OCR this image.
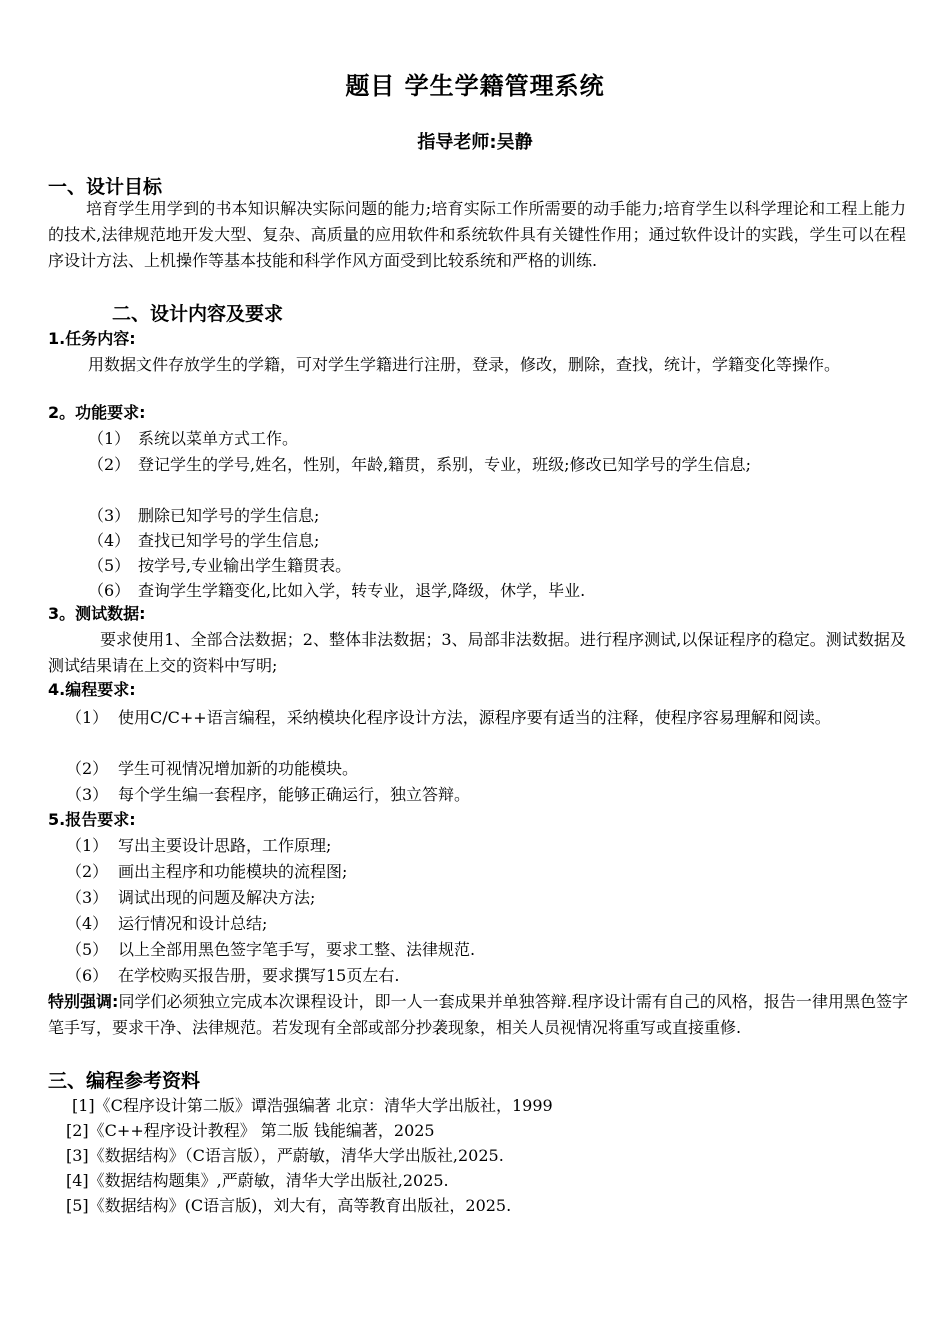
题目 学生学籍管理系统
指导老师:吴静
一、设计目标
培育学生用学到的书本知识解决实际问题的能力;培育实际工作所需要的动手能力;培育学生以科学理论和工程上能力的技术,法律规范地开发大型、复杂、高质量的应用软件和系统软件具有关键性作用；通过软件设计的实践，学生可以在程序设计方法、上机操作等基本技能和科学作风方面受到比较系统和严格的训练.
二、设计内容及要求
1.任务内容:
用数据文件存放学生的学籍，可对学生学籍进行注册，登录，修改，删除，查找，统计，学籍变化等操作。
2。功能要求:
（1） 系统以菜单方式工作。
（2） 登记学生的学号,姓名，性别，年龄,籍贯，系别，专业，班级;修改已知学号的学生信息;
（3） 删除已知学号的学生信息;
（4） 查找已知学号的学生信息;
（5） 按学号,专业输出学生籍贯表。
（6） 查询学生学籍变化,比如入学，转专业，退学,降级，休学，毕业.
3。测试数据:
要求使用1、全部合法数据；2、整体非法数据；3、局部非法数据。进行程序测试,以保证程序的稳定。测试数据及测试结果请在上交的资料中写明;
4.编程要求:
（1） 使用C/C++语言编程，采纳模块化程序设计方法，源程序要有适当的注释，使程序容易理解和阅读。
（2） 学生可视情况增加新的功能模块。
（3） 每个学生编一套程序，能够正确运行，独立答辩。
5.报告要求:
（1） 写出主要设计思路，工作原理;
（2） 画出主程序和功能模块的流程图;
（3） 调试出现的问题及解决方法;
（4） 运行情况和设计总结;
（5） 以上全部用黑色签字笔手写，要求工整、法律规范.
（6） 在学校购买报告册，要求撰写15页左右.
特别强调:同学们必须独立完成本次课程设计，即一人一套成果并单独答辩.程序设计需有自己的风格，报告一律用黑色签字笔手写，要求干净、法律规范。若发现有全部或部分抄袭现象，相关人员视情况将重写或直接重修.
三、编程参考资料
[1]《C程序设计第二版》谭浩强编著 北京：清华大学出版社，1999
[2]《C++程序设计教程》 第二版 钱能编著，2025
[3]《数据结构》（C语言版），严蔚敏，清华大学出版社,2025.
[4]《数据结构题集》,严蔚敏，清华大学出版社,2025.
[5]《数据结构》(C语言版)，刘大有，高等教育出版社，2025.
